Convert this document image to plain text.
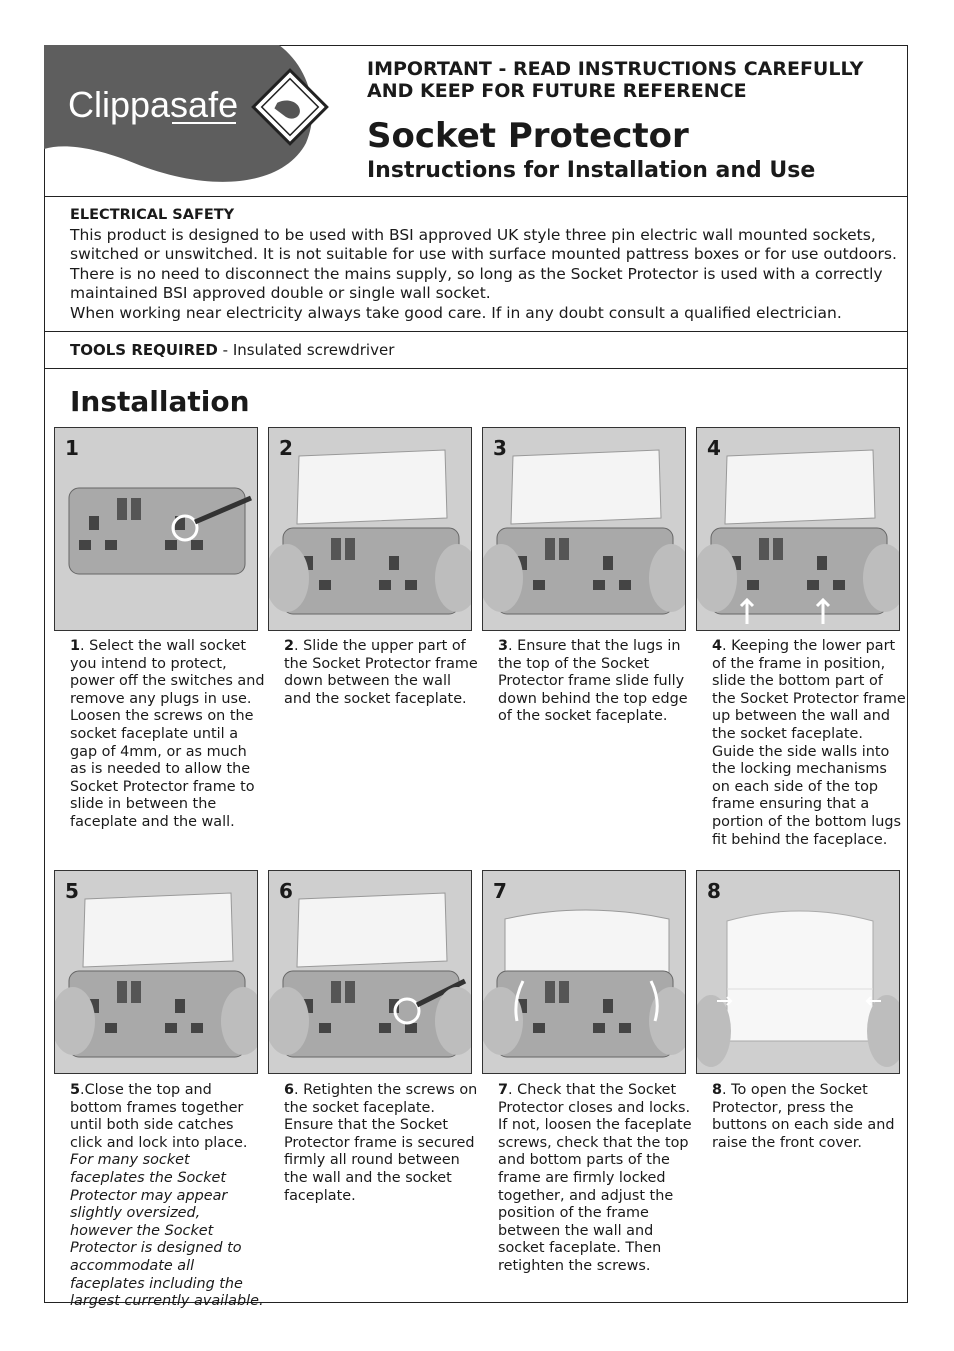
Clippasafe
IMPORTANT - READ INSTRUCTIONS CAREFULLY AND KEEP FOR FUTURE REFERENCE
Socket Protector
Instructions for Installation and Use
ELECTRICAL SAFETY

This product is designed to be used with BSI approved UK style three pin electric wall mounted sockets, switched or unswitched. It is not suitable for use with surface mounted pattress boxes or for use outdoors. There is no need to disconnect the mains supply, so long as the Socket Protector is used with a correctly maintained BSI approved double or single wall socket.

When working near electricity always take good care. If in any doubt consult a qualified electrician.

TOOLS REQUIRED - Insulated screwdriver

Installation
1

1. Select the wall socket you intend to protect, power off the switches and remove any plugs in use. Loosen the screws on the socket faceplate until a gap of 4mm, or as much as is needed to allow the Socket Protector frame to slide in between the faceplate and the wall.

2

2. Slide the upper part of the Socket Protector frame down between the wall and the socket faceplate.

3

3. Ensure that the lugs in the top of the Socket Protector frame slide fully down behind the top edge of the socket faceplate.

4

4. Keeping the lower part of the frame in position, slide the bottom part of the Socket Protector frame up between the wall and the socket faceplate. Guide the side walls into the locking mechanisms on each side of the top frame ensuring that a portion of the bottom lugs fit behind the faceplace.

5

5.Close the top and bottom frames together until both side catches click and lock into place.
For many socket faceplates the Socket Protector may appear slightly oversized, however the Socket Protector is designed to accommodate all faceplates including the largest currently available.

6

6. Retighten the screws on the socket faceplate. Ensure that the Socket Protector frame is secured firmly all round between the wall and the socket faceplate.

7

7. Check that the Socket Protector closes and locks. If not, loosen the faceplate screws, check that the top and bottom parts of the frame are firmly locked together, and adjust the position of the frame between the wall and socket faceplate. Then retighten the screws.

8

8. To open the Socket Protector, press the buttons on each side and raise the front cover.
